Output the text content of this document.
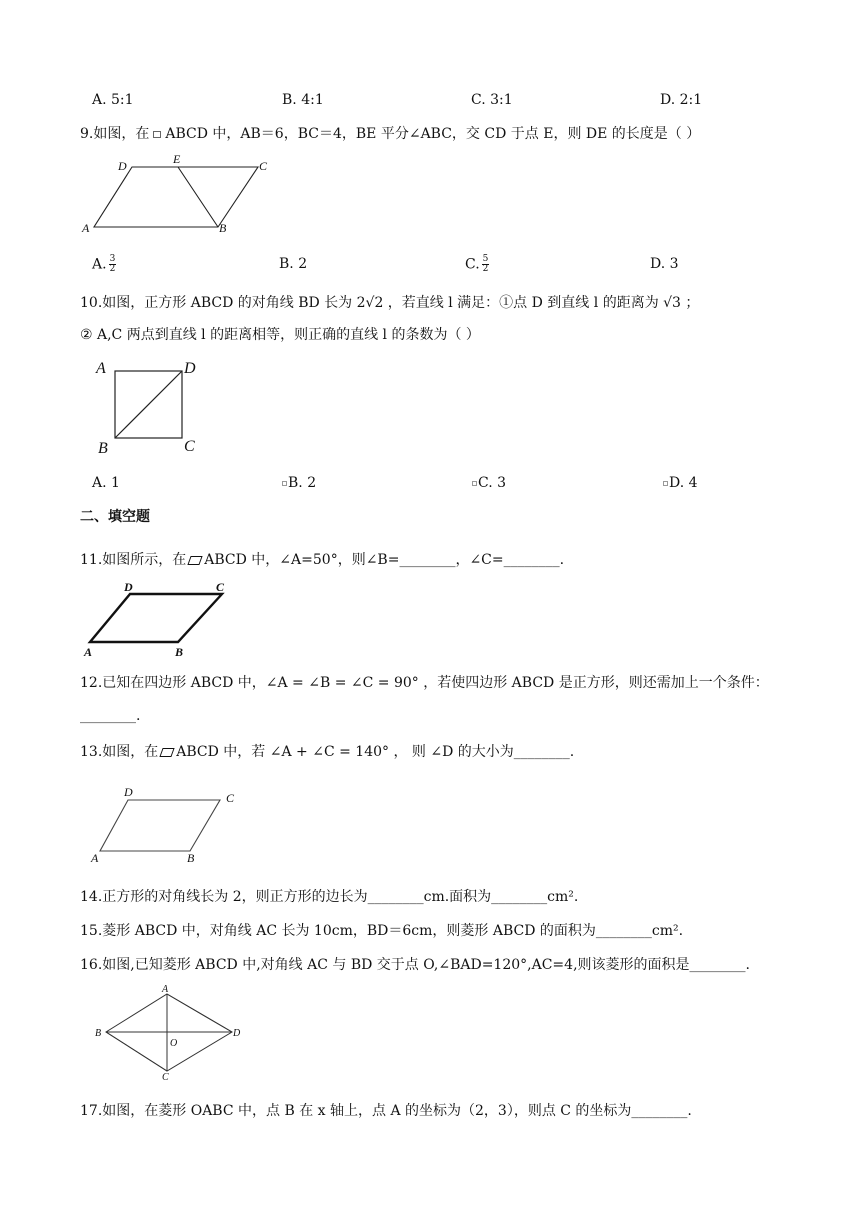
A. 5:1	B. 4:1	C. 3:1	D. 2:1
9.如图，在 ABCD 中，AB＝6，BC＝4，BE 平分∠ABC，交 CD 于点 E，则 DE 的长度是（ ）
D	E	C
A	B
A. $\frac{3}{2}$	B. 2	C. $\frac{5}{2}$	D. 3
10.如图，正方形 ABCD 的对角线 BD 长为 2√2 ，若直线 l 满足：①点 D 到直线 l 的距离为 √3 ；
② A,C 两点到直线 l 的距离相等，则正确的直线 l 的条数为（ ）
A	D
B	C
A. 1	B. 2	C. 3	D. 4
二、填空题
11.如图所示，在 ABCD 中，∠A=50°，则∠B=________，∠C=________.
D	C
A	B
12.已知在四边形 ABCD 中，∠A = ∠B = ∠C = 90° ，若使四边形 ABCD 是正方形，则还需加上一个条件：
________.
13.如图，在 ABCD 中，若 ∠A + ∠C = 140° ， 则 ∠D 的大小为________.
D	C
A	B
14.正方形的对角线长为 2，则正方形的边长为________cm.面积为________cm².
15.菱形 ABCD 中，对角线 AC 长为 10cm，BD＝6cm，则菱形 ABCD 的面积为________cm².
16.如图,已知菱形 ABCD 中,对角线 AC 与 BD 交于点 O,∠BAD=120°,AC=4,则该菱形的面积是________.
A
B
O
D
C
17.如图，在菱形 OABC 中，点 B 在 x 轴上，点 A 的坐标为（2，3），则点 C 的坐标为________.
